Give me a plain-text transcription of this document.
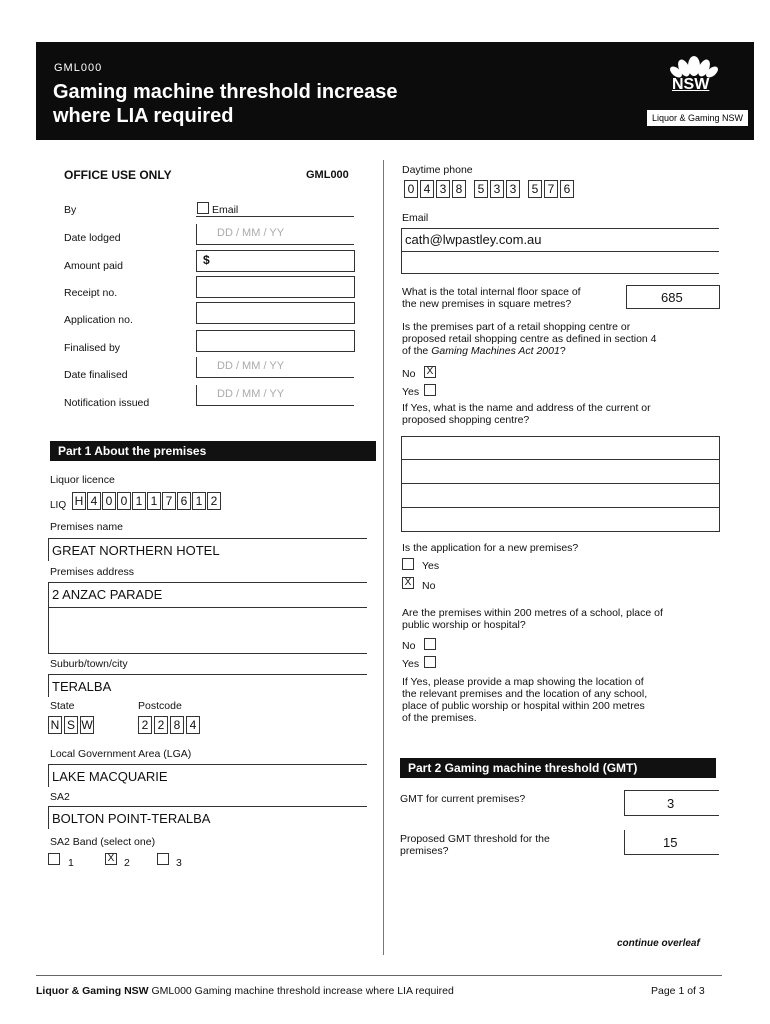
GML000
Gaming machine threshold increase
where LIA required
NSW
Liquor & Gaming NSW
OFFICE USE ONLY	GML000
By	Email
Date lodged	DD / MM / YY
Amount paid	$
Receipt no.
Application no.
Finalised by
Date finalised
DD / MM / YY
Notification issued
DD / MM / YY
Part 1 About the premises
Liquor licence
LIQ H 4 0 0 1 1 7 6 1 2
Premises name
GREAT NORTHERN HOTEL
Premises address
2 ANZAC PARADE
Suburb/town/city
TERALBA
State	Postcode
N S W	2 2 8 4
Local Government Area (LGA)
LAKE MACQUARIE
SA2
BOLTON POINT-TERALBA
SA2 Band (select one)
1	X 2	3
Daytime phone
0 4 3 8	5 3 3	5 7 6
Email
cath@lwpastley.com.au
What is the total internal floor space of
the new premises in square metres?	685
Is the premises part of a retail shopping centre or
proposed retail shopping centre as defined in section 4
of the Gaming Machines Act 2001?
No X
Yes
If Yes, what is the name and address of the current or
proposed shopping centre?
Is the application for a new premises?
Yes
X No
Are the premises within 200 metres of a school, place of
public worship or hospital?
No
Yes
If Yes, please provide a map showing the location of
the relevant premises and the location of any school,
place of public worship or hospital within 200 metres
of the premises.
Part 2 Gaming machine threshold (GMT)
GMT for current premises?	3
Proposed GMT threshold for the
premises?
15
continue overleaf
Liquor & Gaming NSW GML000 Gaming machine threshold increase where LIA required	Page 1 of 3
